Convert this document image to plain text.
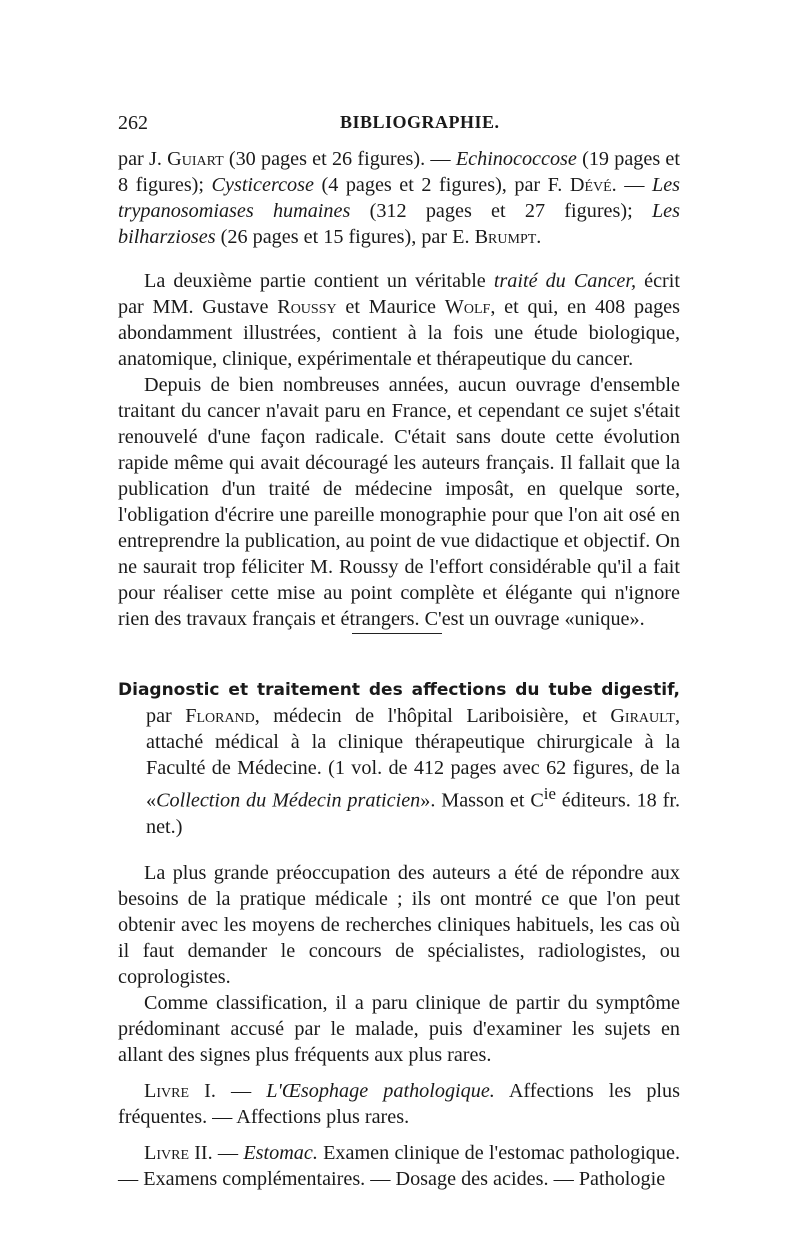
262	BIBLIOGRAPHIE.

par J. Guiart (30 pages et 26 figures). — Echinococcose (19 pages et 8 figures); Cysticercose (4 pages et 2 figures), par F. Dévé. — Les trypanosomiases humaines (312 pages et 27 figures); Les bilharzioses (26 pages et 15 figures), par E. Brumpt.

La deuxième partie contient un véritable traité du Cancer, écrit par MM. Gustave Roussy et Maurice Wolf, et qui, en 408 pages abondamment illustrées, contient à la fois une étude biologique, anatomique, clinique, expérimentale et thérapeutique du cancer.

Depuis de bien nombreuses années, aucun ouvrage d'ensemble traitant du cancer n'avait paru en France, et cependant ce sujet s'était renouvelé d'une façon radicale. C'était sans doute cette évolution rapide même qui avait découragé les auteurs français. Il fallait que la publication d'un traité de médecine imposât, en quelque sorte, l'obligation d'écrire une pareille monographie pour que l'on ait osé en entreprendre la publication, au point de vue didactique et objectif. On ne saurait trop féliciter M. Roussy de l'effort considérable qu'il a fait pour réaliser cette mise au point complète et élégante qui n'ignore rien des travaux français et étrangers. C'est un ouvrage «unique».

Diagnostic et traitement des affections du tube digestif, par Florand, médecin de l'hôpital Lariboisière, et Girault, attaché médical à la clinique thérapeutique chirurgicale à la Faculté de Médecine. (1 vol. de 412 pages avec 62 figures, de la «Collection du Médecin praticien». Masson et $C^{ie}$ éditeurs. 18 fr. net.)

La plus grande préoccupation des auteurs a été de répondre aux besoins de la pratique médicale ; ils ont montré ce que l'on peut obtenir avec les moyens de recherches cliniques habituels, les cas où il faut demander le concours de spécialistes, radiologistes, ou coprologistes.

Comme classification, il a paru clinique de partir du symptôme prédominant accusé par le malade, puis d'examiner les sujets en allant des signes plus fréquents aux plus rares.

Livre I. — L'Œsophage pathologique. Affections les plus fréquentes. — Affections plus rares.

Livre II. — Estomac. Examen clinique de l'estomac pathologique. — Examens complémentaires. — Dosage des acides. — Pathologie
